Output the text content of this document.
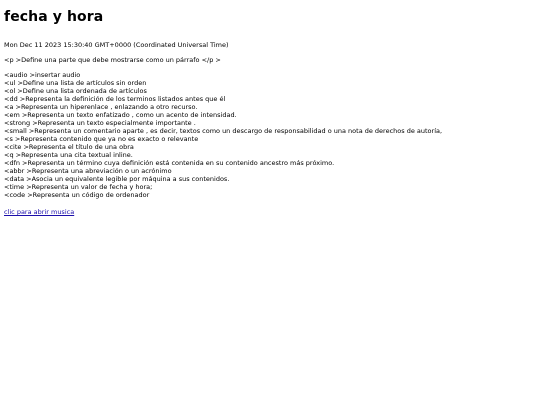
fecha y hora
Mon Dec 11 2023 15:30:40 GMT+0000 (Coordinated Universal Time)
<p >Define una parte que debe mostrarse como un párrafo </p >
<audio >insertar audio
<ul >Define una lista de artículos sin orden
<ol >Define una lista ordenada de artículos
<dd >Representa la definición de los terminos listados antes que él
<a >Representa un hiperenlace , enlazando a otro recurso.
<em >Representa un texto enfatizado , como un acento de intensidad.
<strong >Representa un texto especialmente importante .
<small >Representa un comentario aparte , es decir, textos como un descargo de responsabilidad o una nota de derechos de autoría,
<s >Representa contenido que ya no es exacto o relevante
<cite >Representa el título de una obra
<q >Representa una cita textual inline.
<dfn >Representa un término cuya definición está contenida en su contenido ancestro más próximo.
<abbr >Representa una abreviación o un acrónimo
<data >Asocia un equivalente legible por máquina a sus contenidos.
<time >Representa un valor de fecha y hora;
<code >Representa un código de ordenador
clic para abrir musica
